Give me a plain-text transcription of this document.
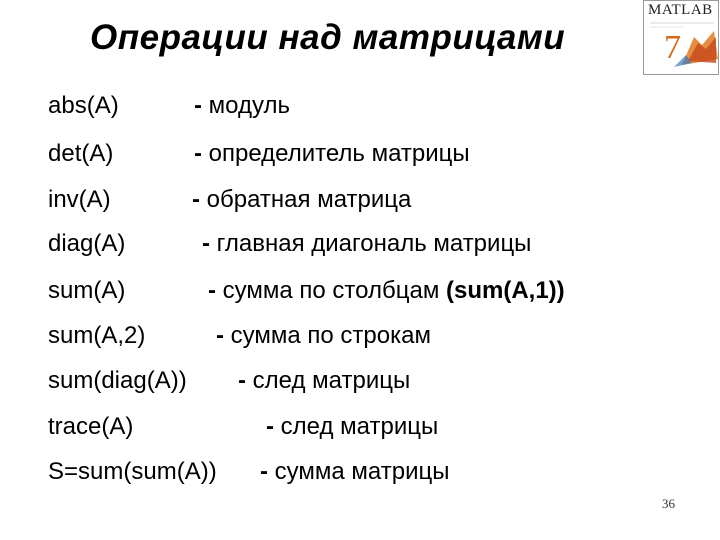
Операции над матрицами
MATLAB
7
abs(A)	- модуль
det(A)	- определитель матрицы
inv(A)	- обратная матрица
diag(A)	- главная диагональ матрицы
sum(A)	- сумма по столбцам (sum(A,1))
sum(A,2)	- сумма по строкам
sum(diag(A)) - след матрицы
trace(A)	- след матрицы
S=sum(sum(A)) - сумма матрицы
36
